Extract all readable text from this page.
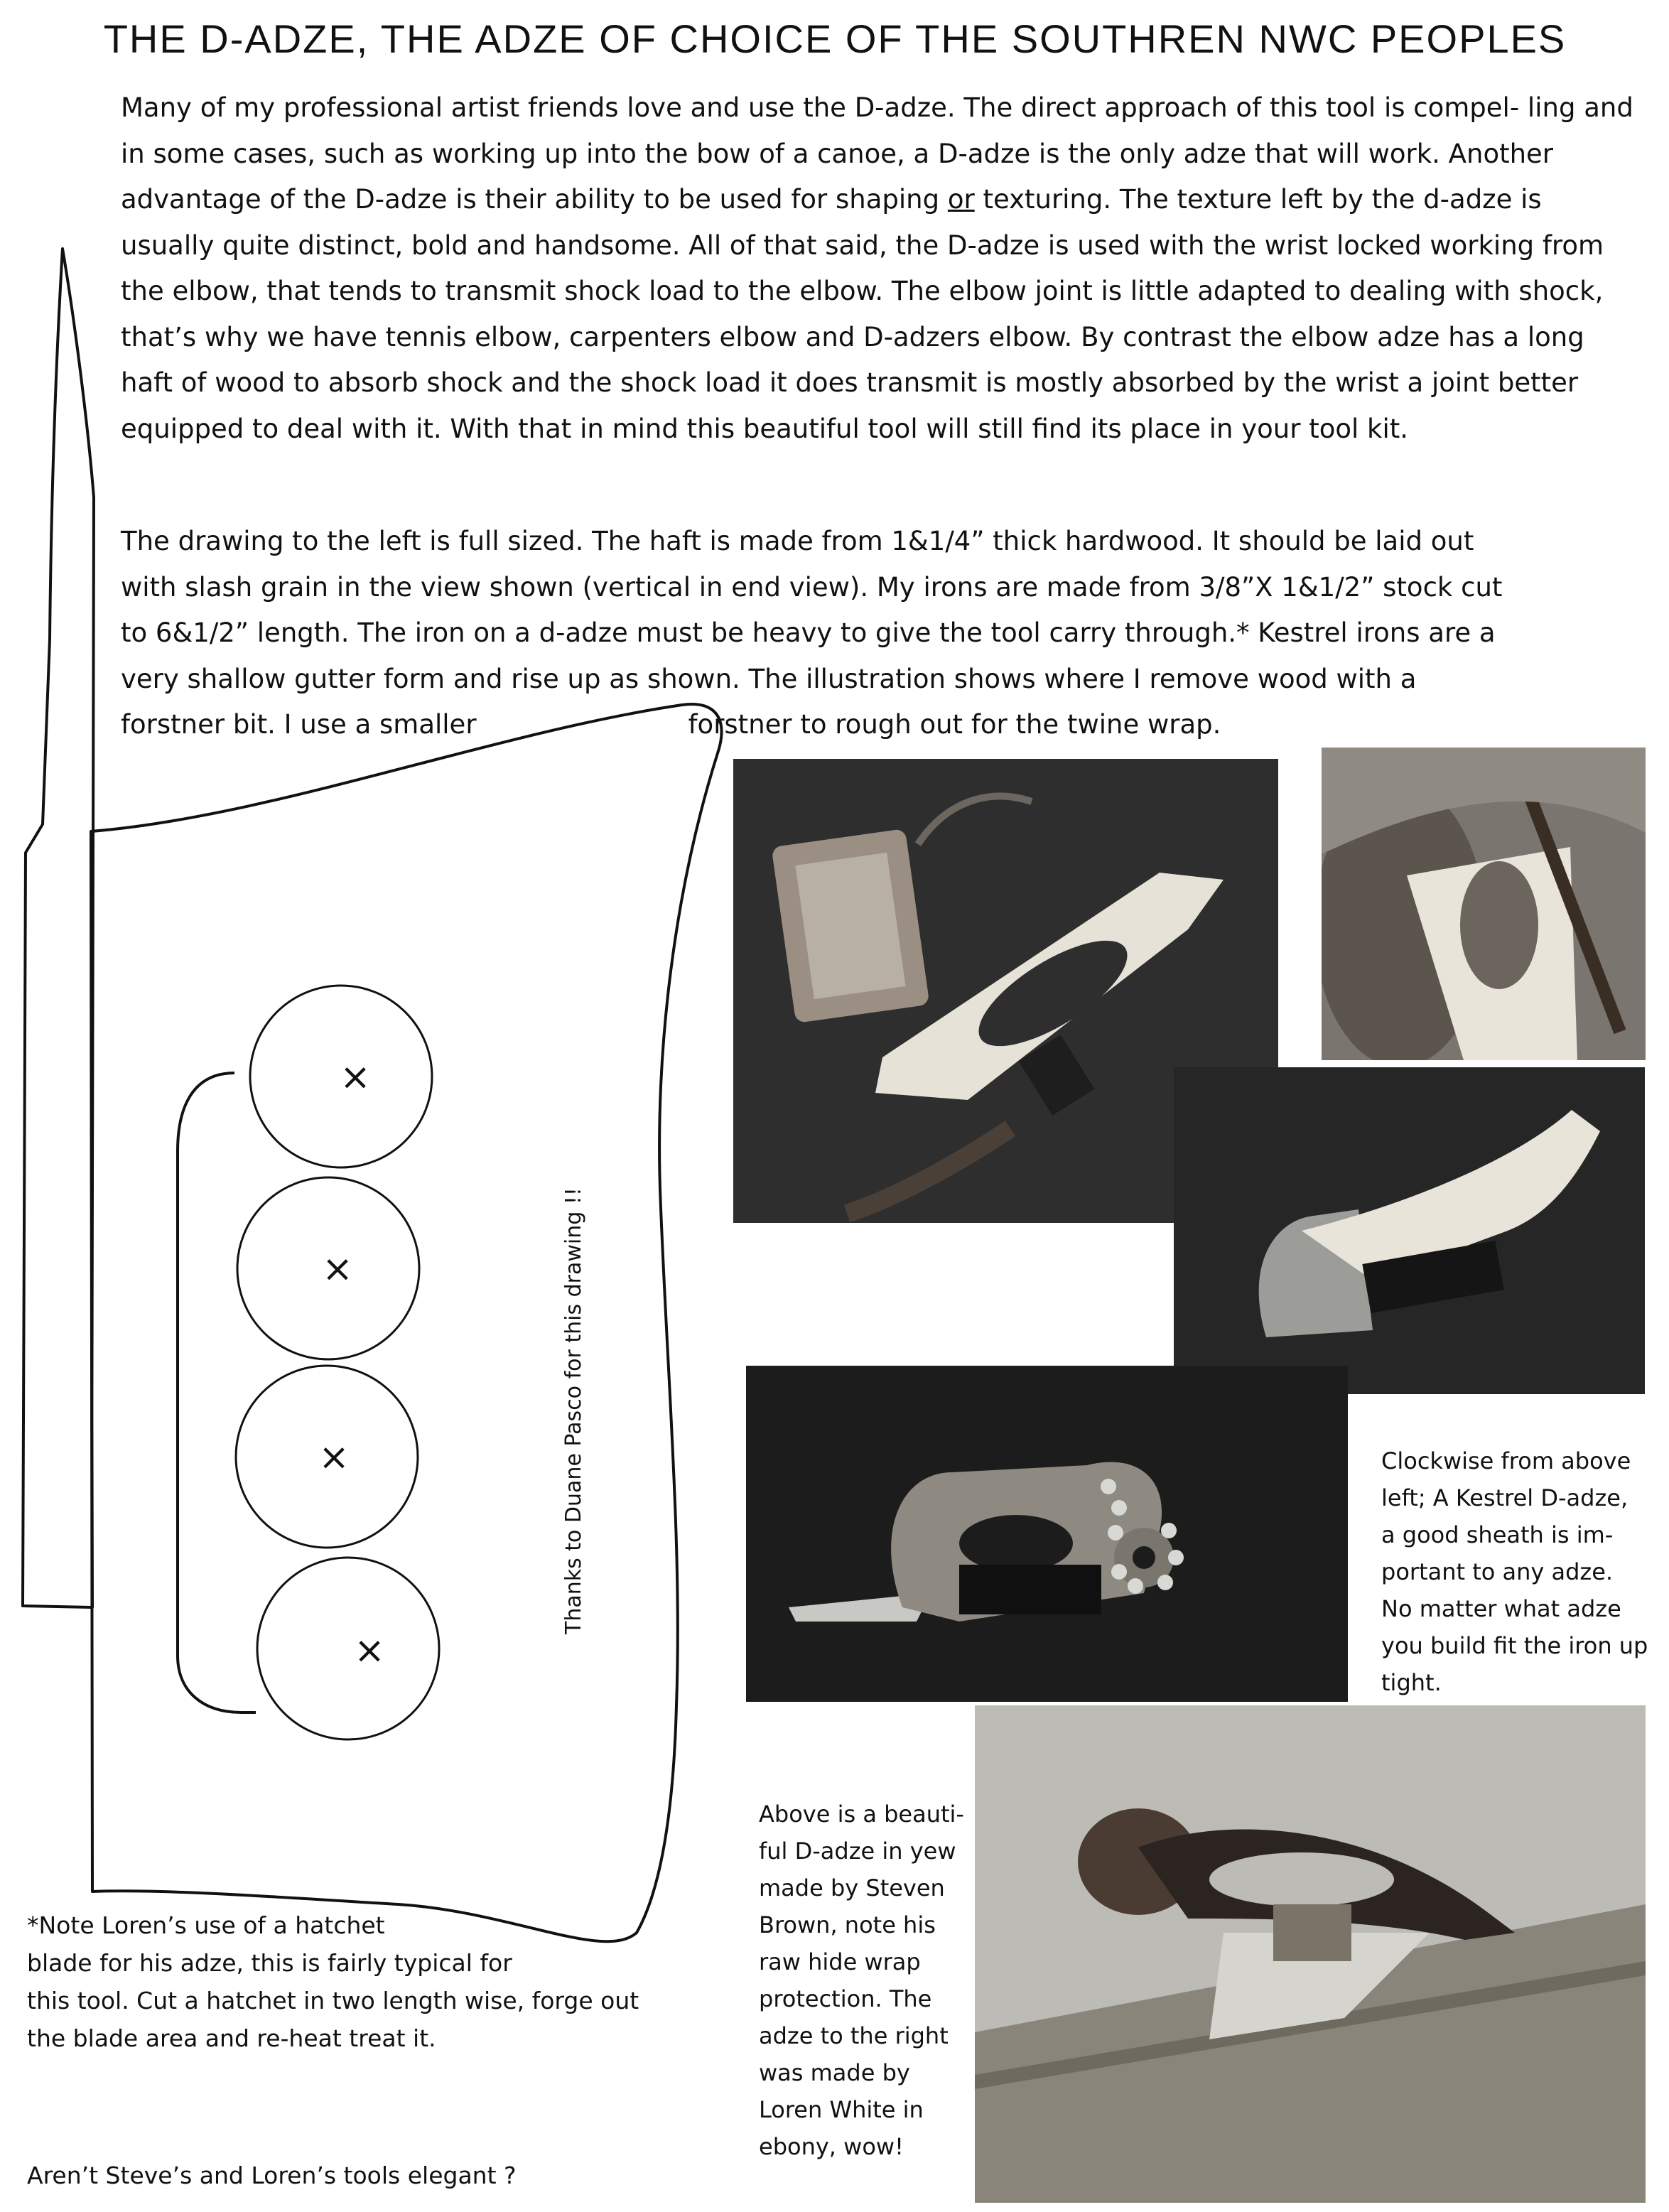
THE D-ADZE, THE ADZE OF CHOICE OF THE SOUTHREN NWC PEOPLES

Many of my professional artist friends love and use the D-adze. The direct approach of this tool is compel- ling and in some cases, such as working up into the bow of a canoe, a D-adze is the only adze that will work. Another advantage of the D-adze is their ability to be used for shaping or texturing. The texture left by the d-adze is usually quite distinct, bold and handsome. All of that said, the D-adze is used with the wrist locked working from the elbow, that tends to transmit shock load to the elbow. The elbow joint is little adapted to dealing with shock, that’s why we have tennis elbow, carpenters elbow and D-adzers elbow. By contrast the elbow adze has a long haft of wood to absorb shock and the shock load it does transmit is mostly absorbed by the wrist a joint better equipped to deal with it. With that in mind this beautiful tool will still find its place in your tool kit.

The drawing to the left is full sized. The haft is made from 1&1/4” thick hardwood. It should be laid out
with slash grain in the view shown (vertical in end view). My irons are made from 3/8”X 1&1/2” stock cut
to 6&1/2” length. The iron on a d-adze must be heavy to give the tool carry through.* Kestrel irons are a
very shallow gutter form and rise up as shown. The illustration shows where I remove wood with a
forstner bit. I use a smaller	forstner to rough out for the twine wrap.

×
×
×
×
Thanks to Duane Pasco for this drawing !!
	Clockwise from above
left; A Kestrel D-adze,
a good sheath is im-
portant to any adze.
No matter what adze
you build fit the iron up
tight.
Above is a beauti-
ful D-adze in yew
made by Steven
Brown, note his
raw hide wrap
protection. The
adze to the right
was made by
Loren White in
ebony, wow!
*Note Loren’s use of a hatchet
blade for his adze, this is fairly typical for
this tool. Cut a hatchet in two length wise, forge out
the blade area and re-heat treat it.

Aren’t Steve’s and Loren’s tools elegant ?
